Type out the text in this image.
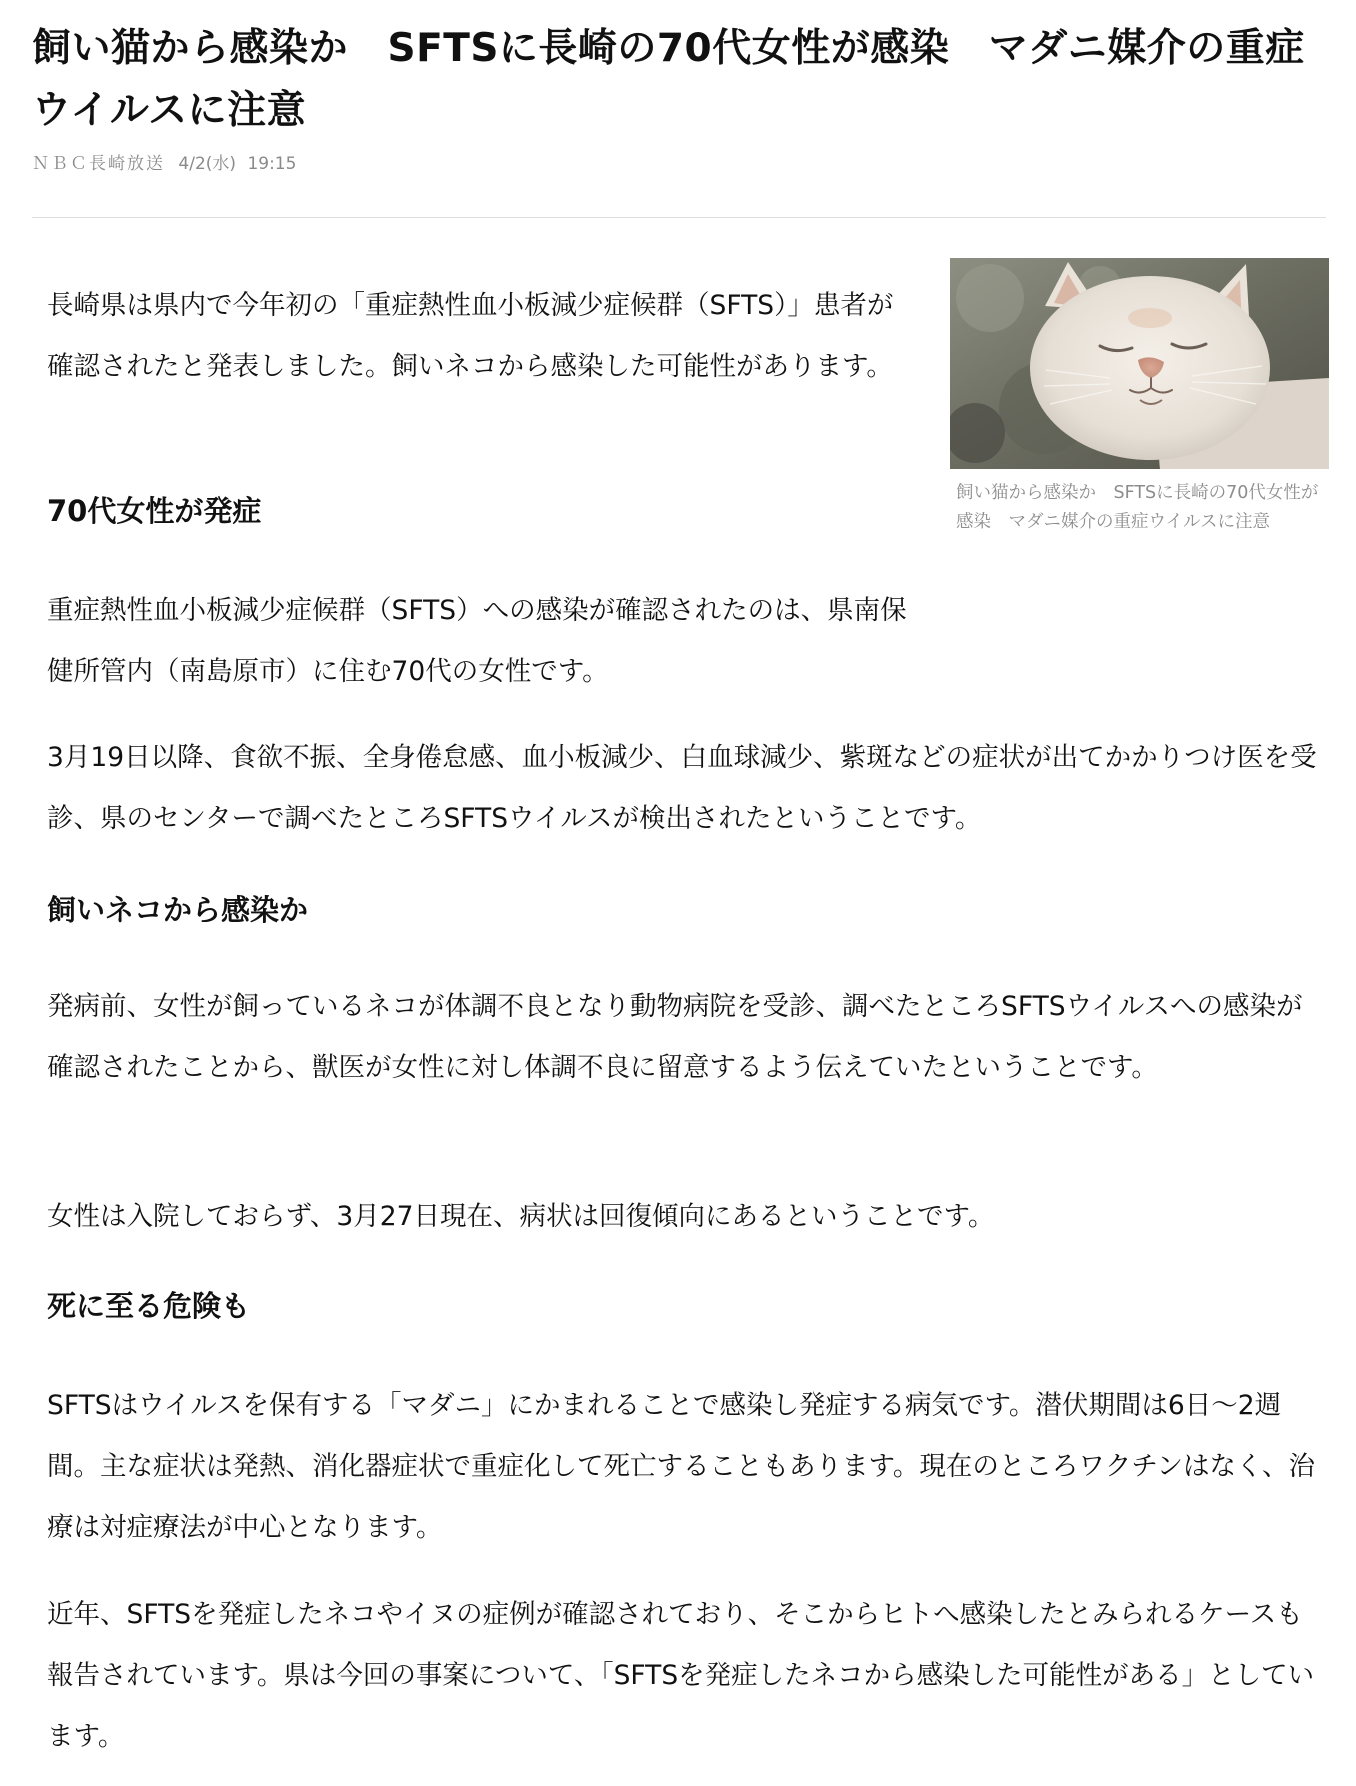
飼い猫から感染か　SFTSに長崎の70代女性が感染　マダニ媒介の重症ウイルスに注意
ＮＢＣ長崎放送 4/2(水) 19:15
飼い猫から感染か　SFTSに長崎の70代女性が感染　マダニ媒介の重症ウイルスに注意

長崎県は県内で今年初の「重症熱性血小板減少症候群（SFTS）」患者が確認されたと発表しました。飼いネコから感染した可能性があります。

70代女性が発症

重症熱性血小板減少症候群（SFTS）への感染が確認されたのは、県南保健所管内（南島原市）に住む70代の女性です。

3月19日以降、食欲不振、全身倦怠感、血小板減少、白血球減少、紫斑などの症状が出てかかりつけ医を受診、県のセンターで調べたところSFTSウイルスが検出されたということです。

飼いネコから感染か

発病前、女性が飼っているネコが体調不良となり動物病院を受診、調べたところSFTSウイルスへの感染が確認されたことから、獣医が女性に対し体調不良に留意するよう伝えていたということです。

女性は入院しておらず、3月27日現在、病状は回復傾向にあるということです。

死に至る危険も

SFTSはウイルスを保有する「マダニ」にかまれることで感染し発症する病気です。潜伏期間は6日～2週間。主な症状は発熱、消化器症状で重症化して死亡することもあります。現在のところワクチンはなく、治療は対症療法が中心となります。

近年、SFTSを発症したネコやイヌの症例が確認されており、そこからヒトへ感染したとみられるケースも報告されています。県は今回の事案について、「SFTSを発症したネコから感染した可能性がある」としています。
